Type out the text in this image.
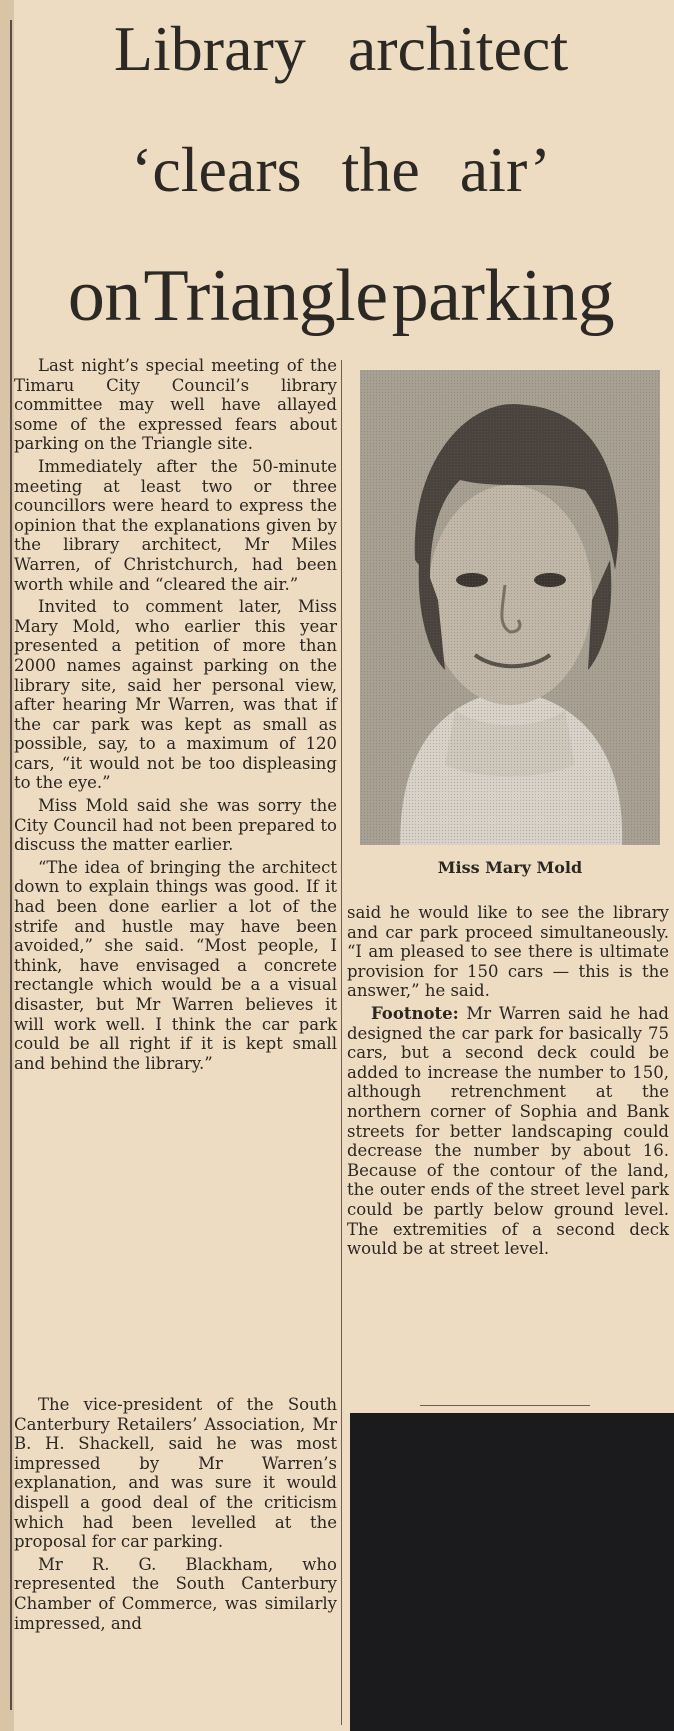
Library architect
‘clears the air’
on Triangle parking
Miss Mary Mold

Last night’s special meeting of the Timaru City Council’s library committee may well have allayed some of the expressed fears about parking on the Triangle site.

Immediately after the 50-minute meeting at least two or three councillors were heard to express the opinion that the explanations given by the library architect, Mr Miles Warren, of Christchurch, had been worth while and “cleared the air.”

Invited to comment later, Miss Mary Mold, who earlier this year presented a petition of more than 2000 names against parking on the library site, said her personal view, after hearing Mr Warren, was that if the car park was kept as small as possible, say, to a maximum of 120 cars, “it would not be too displeasing to the eye.”

Miss Mold said she was sorry the City Council had not been prepared to discuss the matter earlier.

“The idea of bringing the architect down to explain things was good. If it had been done earlier a lot of the strife and hustle may have been avoided,” she said. “Most people, I think, have envisaged a concrete rectangle which would be a a visual disaster, but Mr Warren believes it will work well. I think the car park could be all right if it is kept small and behind the library.”

The vice-president of the South Canterbury Retailers’ Association, Mr B. H. Shackell, said he was most impressed by Mr Warren’s explanation, and was sure it would dispell a good deal of the criticism which had been levelled at the proposal for car parking.

Mr R. G. Blackham, who represented the South Canterbury Chamber of Commerce, was similarly impressed, and

said he would like to see the library and car park proceed simultaneously. “I am pleased to see there is ultimate provision for 150 cars — this is the answer,” he said.

Footnote: Mr Warren said he had designed the car park for basically 75 cars, but a second deck could be added to increase the number to 150, although retrenchment at the northern corner of Sophia and Bank streets for better landscaping could decrease the number by about 16. Because of the contour of the land, the outer ends of the street level park could be partly below ground level. The extremities of a second deck would be at street level.
